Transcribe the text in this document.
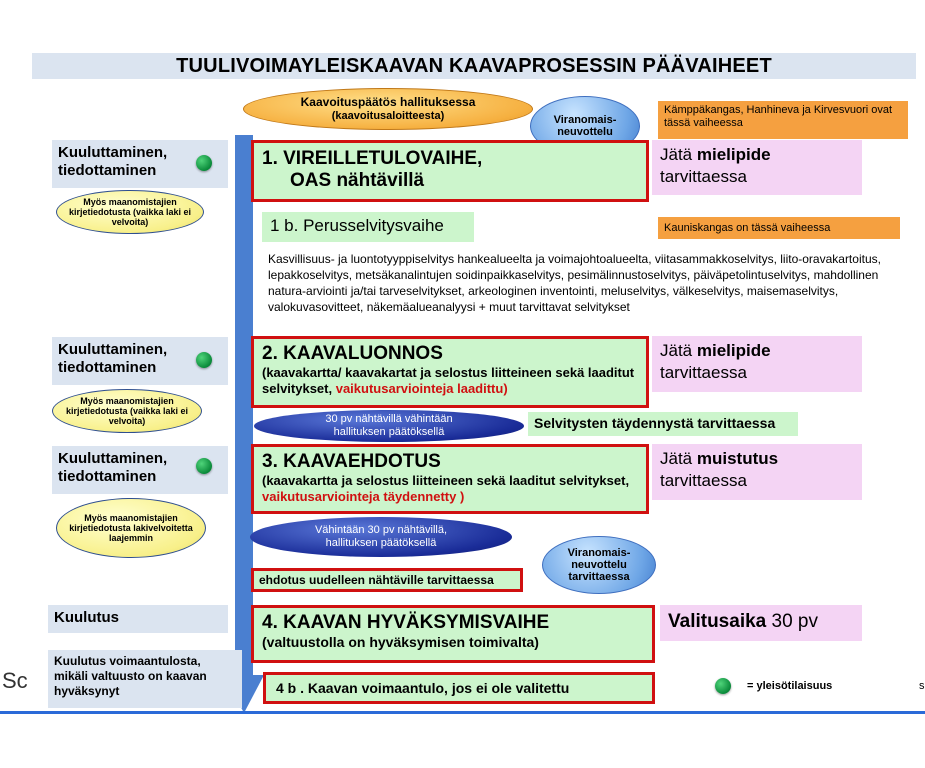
TUULIVOIMAYLEISKAAVAN KAAVAPROSESSIN PÄÄVAIHEET
Kaavoituspäätös hallituksessa
(kaavoitusaloitteesta)	Viranomais-
neuvottelu
Kämppäkangas, Hanhineva ja Kirvesvuori ovat tässä vaiheessa
Kauniskangas on tässä vaiheessa
Kuuluttaminen, tiedottaminen
Myös maanomistajien kirjetiedotusta (vaikka laki ei velvoita)
1. VIREILLETULOVAIHE,
OAS nähtävillä
Jätä mielipide
tarvittaessa
1 b. Perusselvitysvaihe
Kasvillisuus- ja luontotyyppiselvitys hankealueelta ja voimajohtoalueelta, viitasammakkoselvitys, liito-oravakartoitus, lepakkoselvitys, metsäkanalintujen soidinpaikkaselvitys, pesimälinnustoselvitys, päiväpetolintuselvitys, mahdollinen natura-arviointi ja/tai tarveselvitykset, arkeologinen inventointi, meluselvitys, välkeselvitys, maisemaselvitys, valokuvasovitteet, näkemäalueanalyysi + muut tarvittavat selvitykset
Kuuluttaminen, tiedottaminen
Myös maanomistajien kirjetiedotusta (vaikka laki ei velvoita)
2. KAAVALUONNOS
(kaavakartta/ kaavakartat ja selostus liitteineen sekä laaditut selvitykset, vaikutusarviointeja laadittu)
Jätä mielipide
tarvittaessa
30 pv nähtävillä vähintään
hallituksen päätöksellä
Selvitysten täydennystä tarvittaessa
Kuuluttaminen, tiedottaminen
Myös maanomistajien kirjetiedotusta lakivelvoitetta laajemmin
3. KAAVAEHDOTUS
(kaavakartta ja selostus liitteineen sekä laaditut selvitykset, vaikutusarviointeja täydennetty )
Jätä muistutus
tarvittaessa
Vähintään 30 pv nähtävillä,
hallituksen päätöksellä
Viranomais-
neuvottelu
tarvittaessa
ehdotus uudelleen nähtäville tarvittaessa
Kuulutus	4. KAAVAN HYVÄKSYMISVAIHE
(valtuustolla on hyväksymisen toimivalta)
Valitusaika 30 pv
Kuulutus voimaantulosta, mikäli valtuusto on kaavan hyväksynyt
Sc	4 b . Kaavan voimaantulo, jos ei ole valitettu	= yleisötilaisuus	s
